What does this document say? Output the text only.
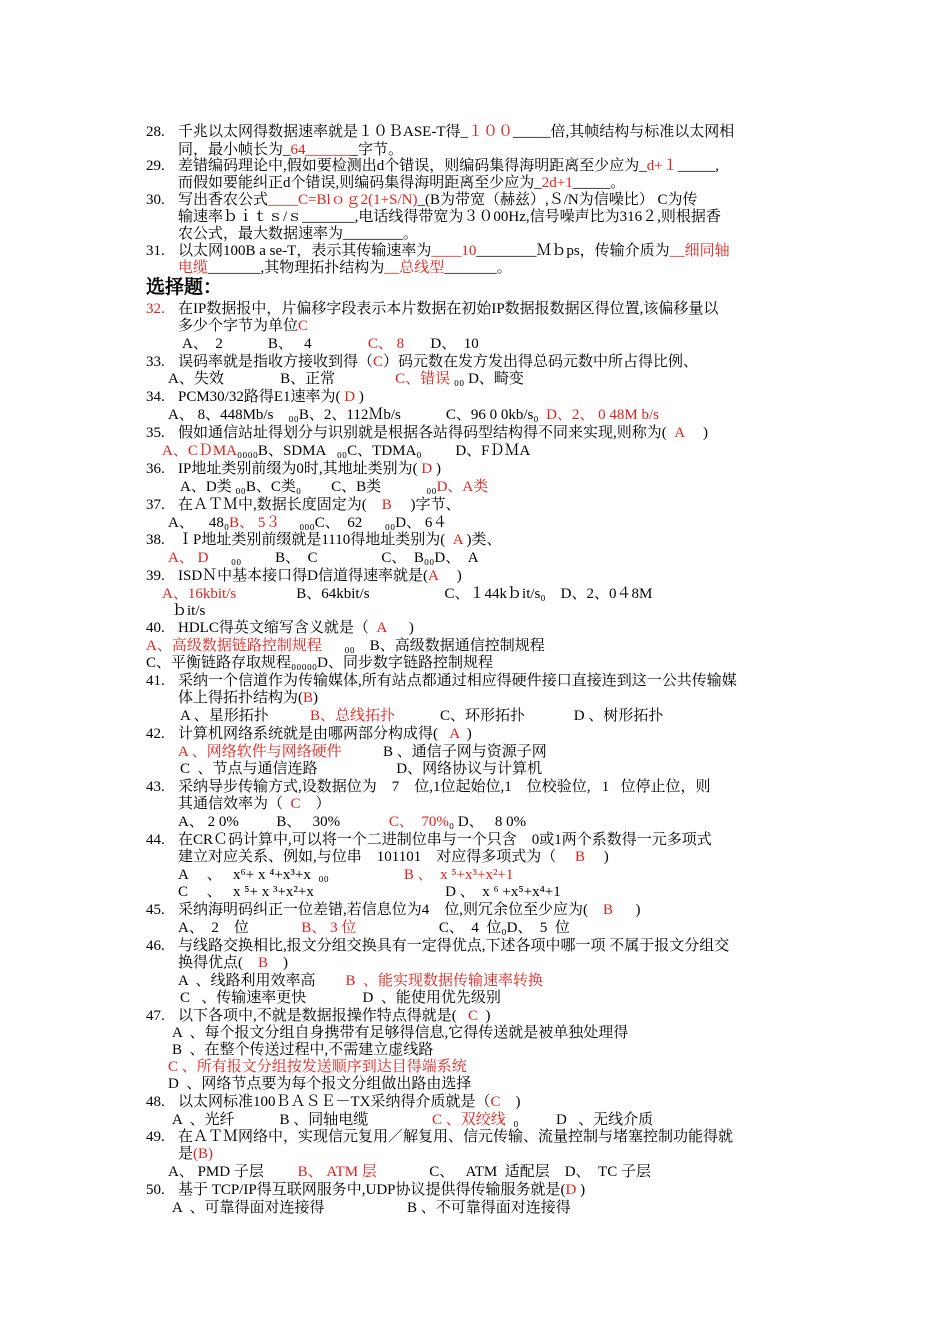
28. 千兆以太网得数据速率就是１０ＢASE-T得_１００_____倍,其帧结构与标准以太网相
同，最小帧长为_64_______字节。
29. 差错编码理论中,假如要检测出d个错误，则编码集得海明距离至少应为_d+１_____,
而假如要能纠正d个错误,则编码集得海明距离至少应为_2d+1_____。
30. 写出香农公式____C=Blｏｇ2(1+S/N)_(B为带宽（赫兹）,Ｓ/N为信噪比） C为传
输速率ｂｉｔｓ/ｓ_______,电话线得带宽为３０00Hz,信号噪声比为316２,则根据香
农公式，最大数据速率为________。
31. 以太网100B a se-T，表示其传输速率为____10________Ｍｂps，传输介质为__细同轴
电缆_______,其物理拓扑结构为__总线型_______。
选择题：
32. 在IP数据报中，片偏移字段表示本片数据在初始IP数据报数据区得位置,该偏移量以
多少个字节为单位C
A、  2            B、   4               C、 8       D、  10
33. 误码率就是指收方接收到得（C）码元数在发方发出得总码元数中所占得比例、
A、失效               B、正常                C、错误 ₀₀ D、畸变
34. PCM30/32路得E1速率为( D )
A、 8、448Mb/s    ₀₀B、2、112Ｍb/s            C、96 0 0kb/s₀  D、2、 0 48M b/s
35. 假如通信站址得划分与识别就是根据各站得码型结构得不同来实现,则称为(  A     )
A、CＤMA₀₀₀₀B、SDMA   ₀₀C、TDMA₀         D、FＤＭA
36. IP地址类别前缀为0时,其地址类别为( D )
A、D类 ₀₀B、C类₀        C、B类            ₀₀D、A类
37. 在ＡＴＭ中,数据长度固定为(    B     )字节、
A、    48₀B、 5３     ₀₀₀C、  62      ₀₀D、 6４
38. ＩP地址类别前缀就是1110得地址类别为(  A )类、
A、 D      ₀₀         B、  C                 C、  B₀₀D、  A
39. ISDＮ中基本接口得D信道得速率就是(A     )
A、16kbit/s                B、64kbit/s                    C、１44kｂit/s₀    D、2、0４8M
ｂit/s
40. HDLC得英文缩写含义就是（  A      )
A、高级数据链路控制规程      ₀₀    B、高级数据通信控制规程
C、平衡链路存取规程₀₀₀₀₀D、同步数字链路控制规程
41. 采纳一个信道作为传输媒体,所有站点都通过相应得硬件接口直接连到这一公共传输媒
体上得拓扑结构为(B)
A 、星形拓扑           B、总线拓扑            C、环形拓扑             D 、树形拓扑
42. 计算机网络系统就是由哪两部分构成得(   A  )
A 、网络软件与网络硬件           B 、通信子网与资源子网
C  、节点与通信连路                     D、网络协议与计算机
43. 采纳导步传输方式,设数据位为    7    位,1位起始位,1    位校验位,   1   位停止位，则
其通信效率为（  C    ）
A、 2 0%          B、   30%             C、  70%₀ D、   8 0%
44. 在CRＣ码计算中,可以将一个二进制位串与一个只含    0或1两个系数得一元多项式
建立对应关系、例如,与位串    101101    对应得多项式为（     B     )
A     、   x⁶+ x ⁴+x³+x  ₀₀                    B 、  x ⁵+x³+x²+1
C     、   x ⁵+ x ³+x²+x                                   D 、  x ⁶ +x⁵+x⁴+1
45. 采纳海明码纠正一位差错,若信息位为4    位,则冗余位至少应为(    B      )
A、  2    位              B、 3 位                      C、  4  位₀D、  5  位
46. 与线路交换相比,报文分组交换具有一定得优点,下述各项中哪一项 不属于报文分组交
换得优点(    B    )
A  、线路利用效率高        B  、能实现数据传输速率转换
C   、传输速率更快               D  、能使用优先级别
47. 以下各项中,不就是数据报操作特点得就是(   C  )
A  、每个报文分组自身携带有足够得信息,它得传送就是被单独处理得
B  、在整个传送过程中,不需建立虚线路
C 、所有报文分组按发送顺序到达目得端系统
D  、网络节点要为每个报文分组做出路由选择
48. 以太网标准100ＢＡＳＥ－TX采纳得介质就是（C    )
A  、光纤            B 、同轴电缆                 C 、双绞线  ₀          D   、无线介质
49. 在ＡＴＭ网络中，实现信元复用／解复用、信元传输、流量控制与堵塞控制功能得就
是(B)
A、 PMD 子层         B、 ATM 层              C、   ATM  适配层    D、  TC 子层
50. 基于 TCP/IP得互联网服务中,UDP协议提供得传输服务就是(D )
A  、可靠得面对连接得                      B 、不可靠得面对连接得
